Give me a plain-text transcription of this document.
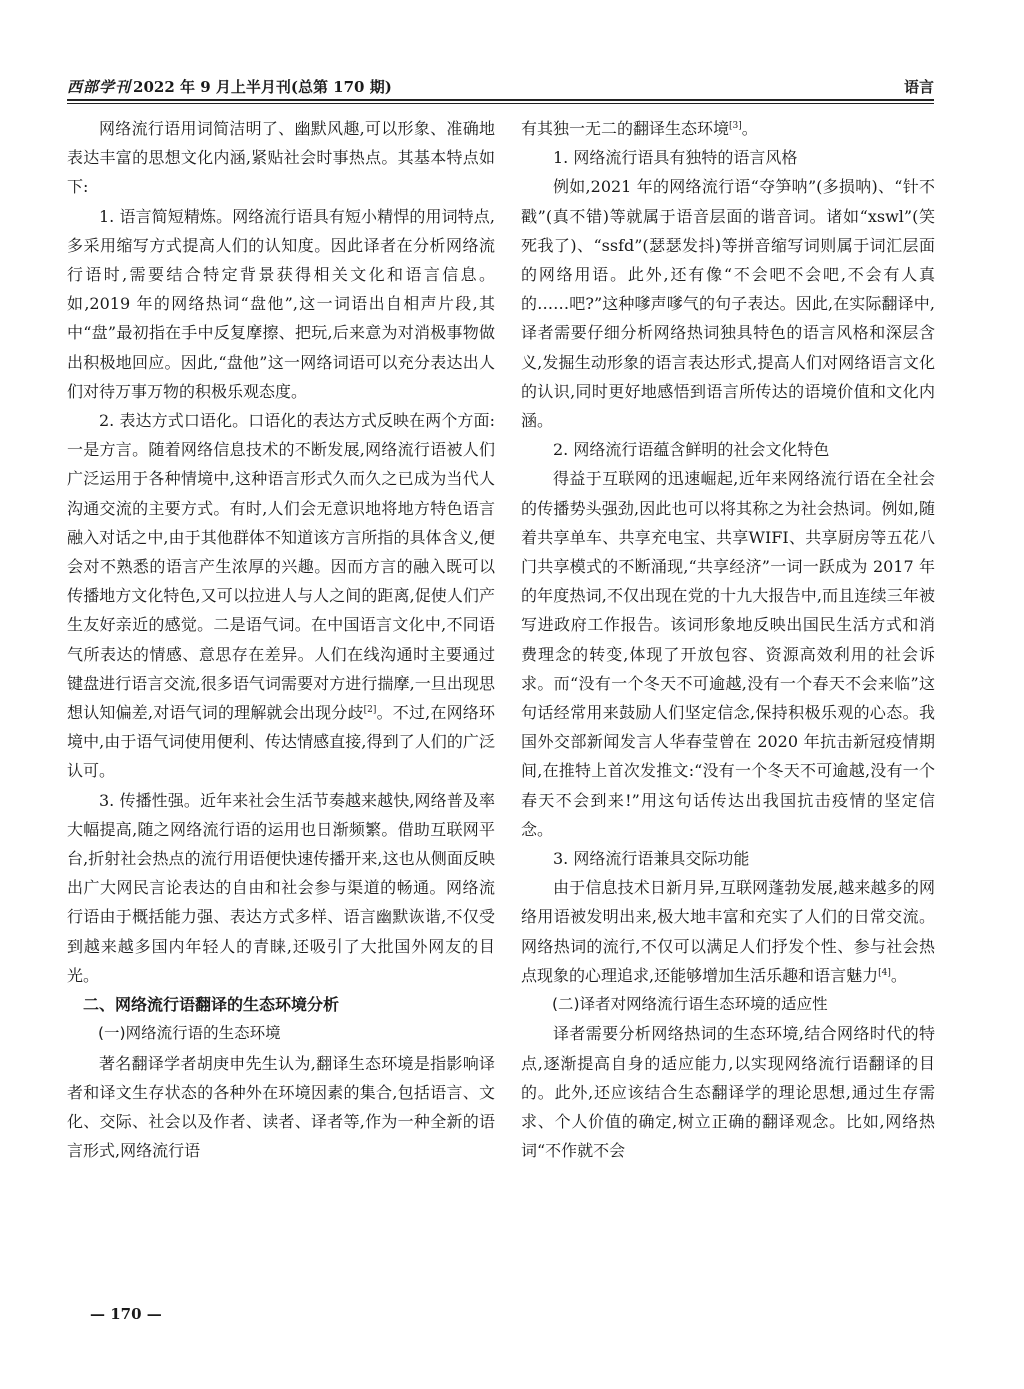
西部学刊 2022 年 9 月上半月刊(总第 170 期)	语言

网络流行语用词简洁明了、幽默风趣,可以形象、准确地表达丰富的思想文化内涵,紧贴社会时事热点。其基本特点如下:

1. 语言简短精炼。网络流行语具有短小精悍的用词特点,多采用缩写方式提高人们的认知度。因此译者在分析网络流行语时,需要结合特定背景获得相关文化和语言信息。如,2019 年的网络热词“盘他”,这一词语出自相声片段,其中“盘”最初指在手中反复摩擦、把玩,后来意为对消极事物做出积极地回应。因此,“盘他”这一网络词语可以充分表达出人们对待万事万物的积极乐观态度。

2. 表达方式口语化。口语化的表达方式反映在两个方面:一是方言。随着网络信息技术的不断发展,网络流行语被人们广泛运用于各种情境中,这种语言形式久而久之已成为当代人沟通交流的主要方式。有时,人们会无意识地将地方特色语言融入对话之中,由于其他群体不知道该方言所指的具体含义,便会对不熟悉的语言产生浓厚的兴趣。因而方言的融入既可以传播地方文化特色,又可以拉进人与人之间的距离,促使人们产生友好亲近的感觉。二是语气词。在中国语言文化中,不同语气所表达的情感、意思存在差异。人们在线沟通时主要通过键盘进行语言交流,很多语气词需要对方进行揣摩,一旦出现思想认知偏差,对语气词的理解就会出现分歧[2]。不过,在网络环境中,由于语气词使用便利、传达情感直接,得到了人们的广泛认可。

3. 传播性强。近年来社会生活节奏越来越快,网络普及率大幅提高,随之网络流行语的运用也日渐频繁。借助互联网平台,折射社会热点的流行用语便快速传播开来,这也从侧面反映出广大网民言论表达的自由和社会参与渠道的畅通。网络流行语由于概括能力强、表达方式多样、语言幽默诙谐,不仅受到越来越多国内年轻人的青睐,还吸引了大批国外网友的目光。

二、网络流行语翻译的生态环境分析

(一)网络流行语的生态环境

著名翻译学者胡庚申先生认为,翻译生态环境是指影响译者和译文生存状态的各种外在环境因素的集合,包括语言、文化、交际、社会以及作者、读者、译者等,作为一种全新的语言形式,网络流行语

有其独一无二的翻译生态环境[3]。

1. 网络流行语具有独特的语言风格

例如,2021 年的网络流行语“夺笋呐”(多损呐)、“针不戳”(真不错)等就属于语音层面的谐音词。诸如“xswl”(笑死我了)、“ssfd”(瑟瑟发抖)等拼音缩写词则属于词汇层面的网络用语。此外,还有像“不会吧不会吧,不会有人真的……吧?”这种嗲声嗲气的句子表达。因此,在实际翻译中,译者需要仔细分析网络热词独具特色的语言风格和深层含义,发掘生动形象的语言表达形式,提高人们对网络语言文化的认识,同时更好地感悟到语言所传达的语境价值和文化内涵。

2. 网络流行语蕴含鲜明的社会文化特色

得益于互联网的迅速崛起,近年来网络流行语在全社会的传播势头强劲,因此也可以将其称之为社会热词。例如,随着共享单车、共享充电宝、共享WIFI、共享厨房等五花八门共享模式的不断涌现,“共享经济”一词一跃成为 2017 年的年度热词,不仅出现在党的十九大报告中,而且连续三年被写进政府工作报告。该词形象地反映出国民生活方式和消费理念的转变,体现了开放包容、资源高效利用的社会诉求。而“没有一个冬天不可逾越,没有一个春天不会来临”这句话经常用来鼓励人们坚定信念,保持积极乐观的心态。我国外交部新闻发言人华春莹曾在 2020 年抗击新冠疫情期间,在推特上首次发推文:“没有一个冬天不可逾越,没有一个春天不会到来!”用这句话传达出我国抗击疫情的坚定信念。

3. 网络流行语兼具交际功能

由于信息技术日新月异,互联网蓬勃发展,越来越多的网络用语被发明出来,极大地丰富和充实了人们的日常交流。网络热词的流行,不仅可以满足人们抒发个性、参与社会热点现象的心理追求,还能够增加生活乐趣和语言魅力[4]。

(二)译者对网络流行语生态环境的适应性

译者需要分析网络热词的生态环境,结合网络时代的特点,逐渐提高自身的适应能力,以实现网络流行语翻译的目的。此外,还应该结合生态翻译学的理论思想,通过生存需求、个人价值的确定,树立正确的翻译观念。比如,网络热词“不作就不会

— 170 —
